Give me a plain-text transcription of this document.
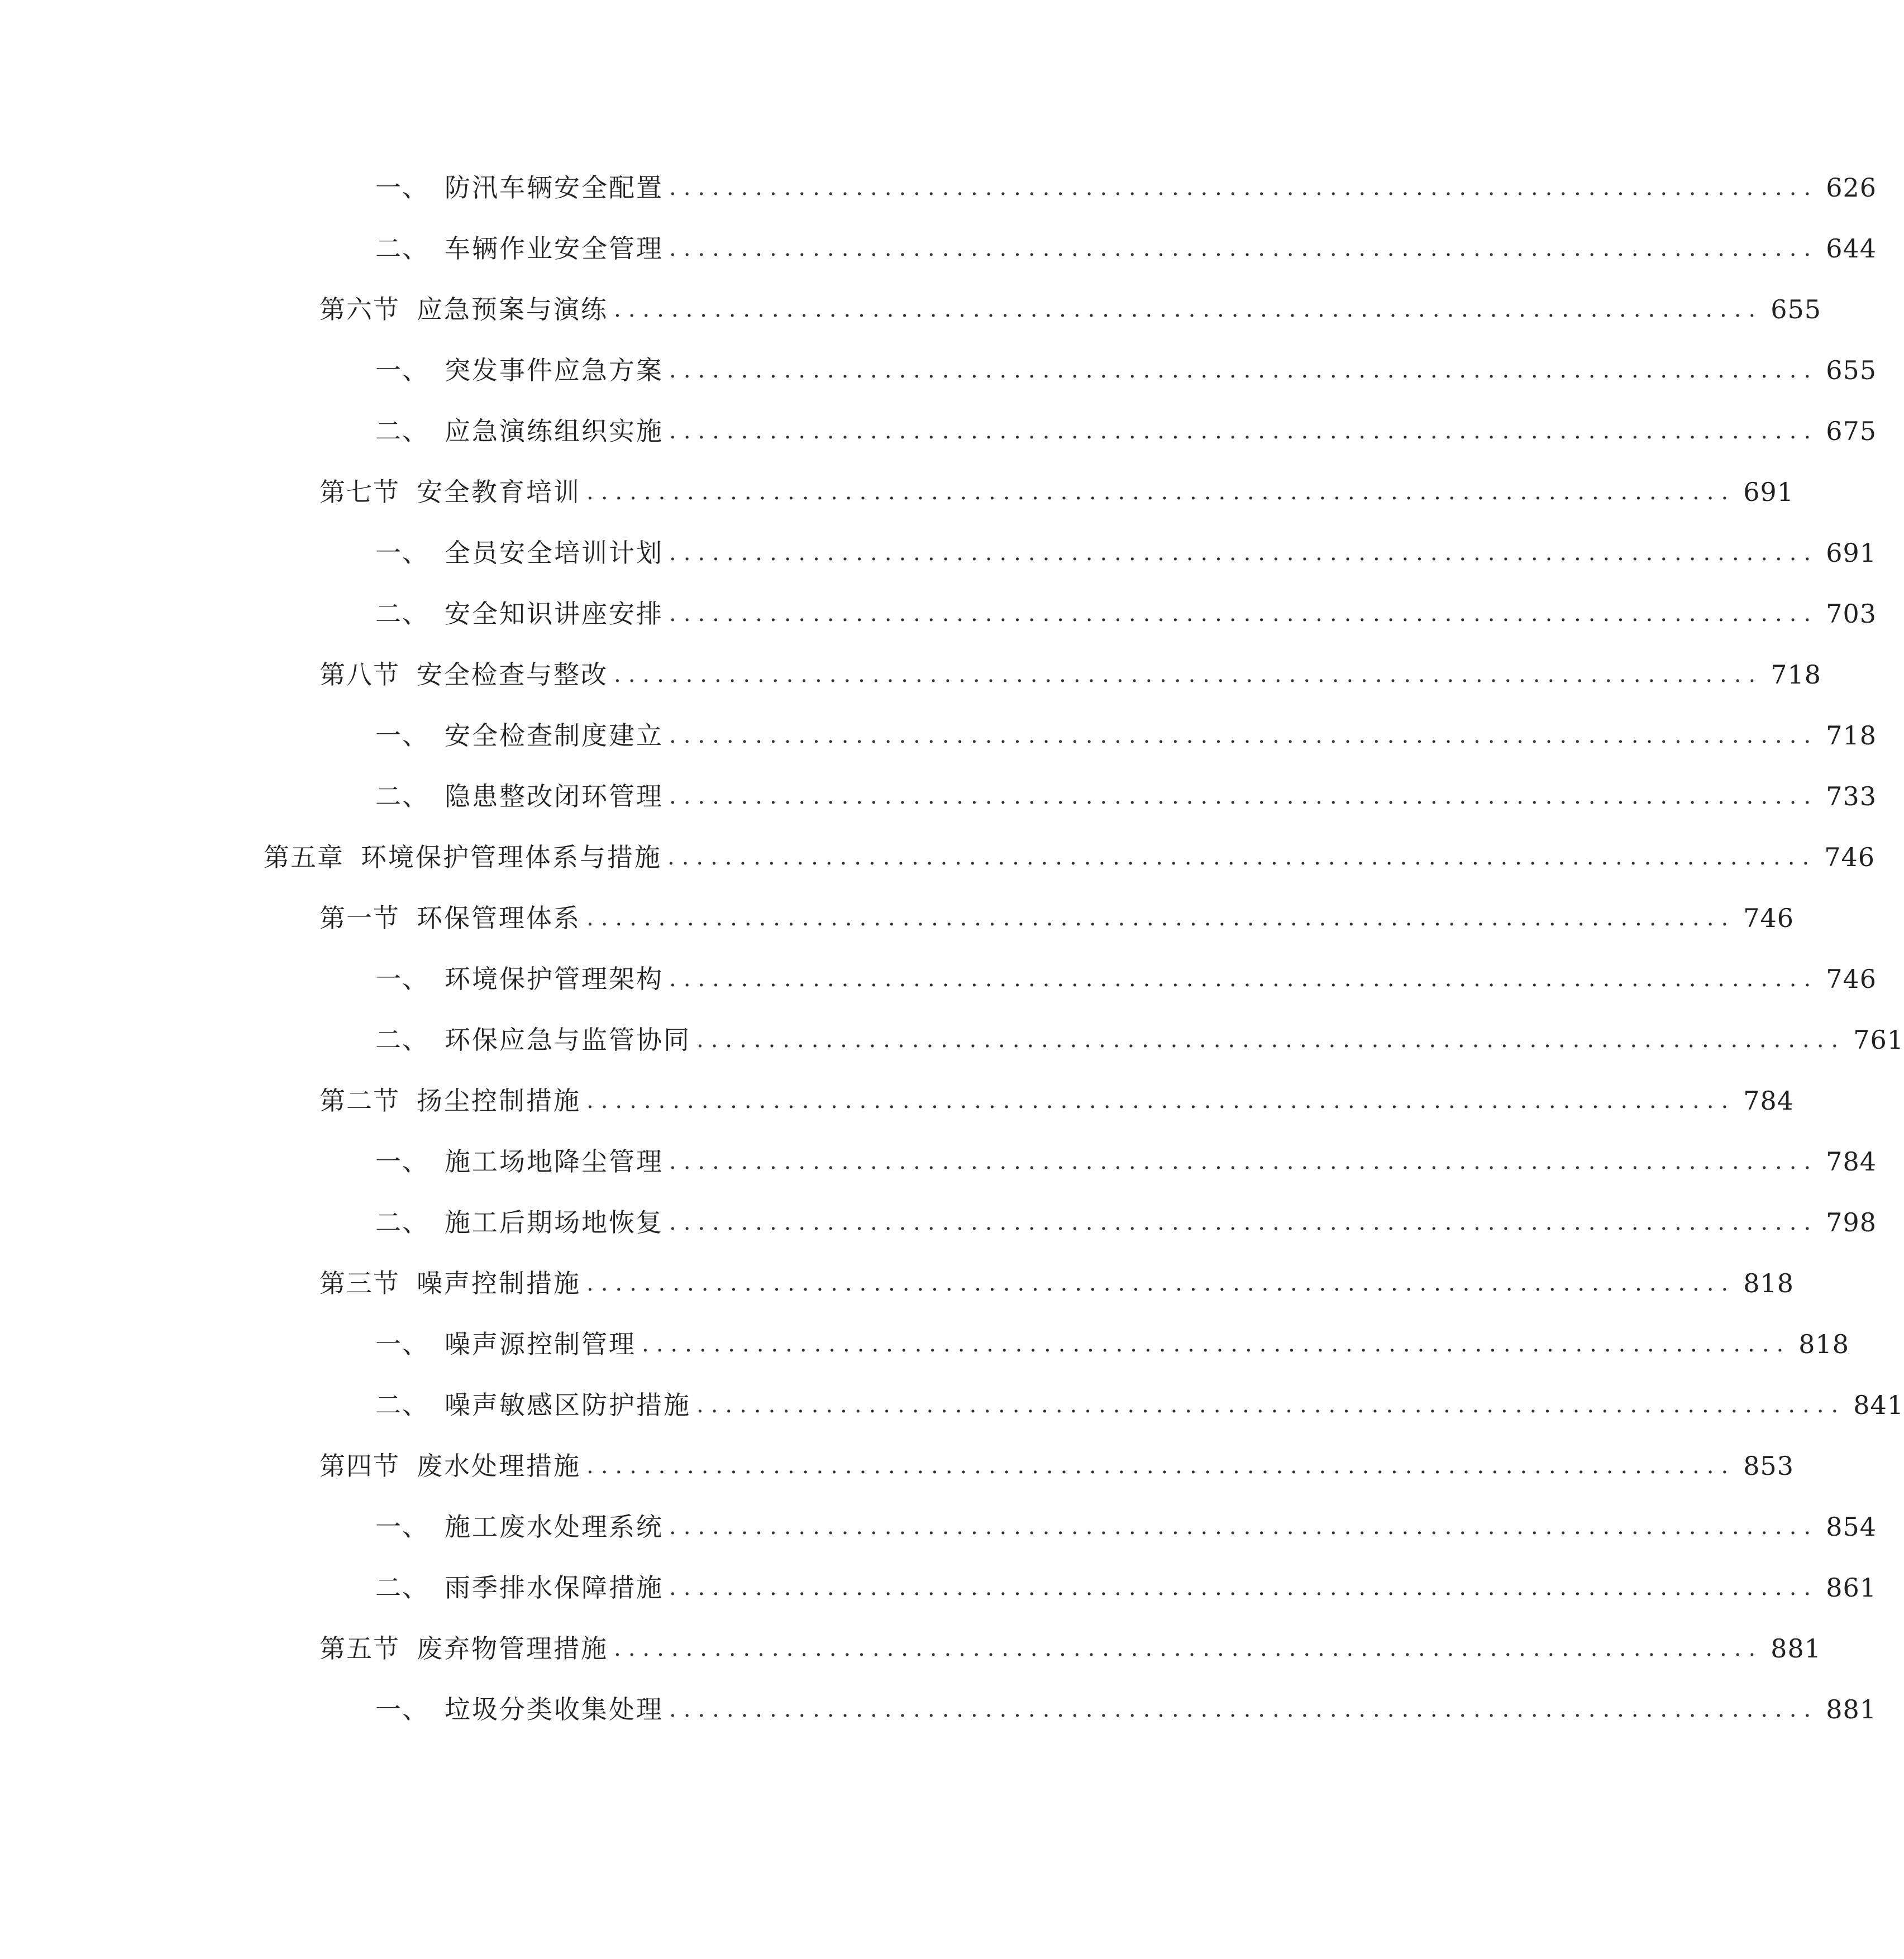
一、 防汛车辆安全配置 ................................................................................ 626
二、 车辆作业安全管理 ................................................................................ 644
第六节 应急预案与演练 ................................................................................ 655
一、 突发事件应急方案 ................................................................................ 655
二、 应急演练组织实施 ................................................................................ 675
第七节 安全教育培训 ................................................................................ 691
一、 全员安全培训计划 ................................................................................ 691
二、 安全知识讲座安排 ................................................................................ 703
第八节 安全检查与整改 ................................................................................ 718
一、 安全检查制度建立 ................................................................................ 718
二、 隐患整改闭环管理 ................................................................................ 733
第五章 环境保护管理体系与措施 ................................................................................ 746
第一节 环保管理体系 ................................................................................ 746
一、 环境保护管理架构 ................................................................................ 746
二、 环保应急与监管协同 ................................................................................ 761
第二节 扬尘控制措施 ................................................................................ 784
一、 施工场地降尘管理 ................................................................................ 784
二、 施工后期场地恢复 ................................................................................ 798
第三节 噪声控制措施 ................................................................................ 818
一、 噪声源控制管理 ................................................................................ 818
二、 噪声敏感区防护措施 ................................................................................ 841
第四节 废水处理措施 ................................................................................ 853
一、 施工废水处理系统 ................................................................................ 854
二、 雨季排水保障措施 ................................................................................ 861
第五节 废弃物管理措施 ................................................................................ 881
一、 垃圾分类收集处理 ................................................................................ 881
